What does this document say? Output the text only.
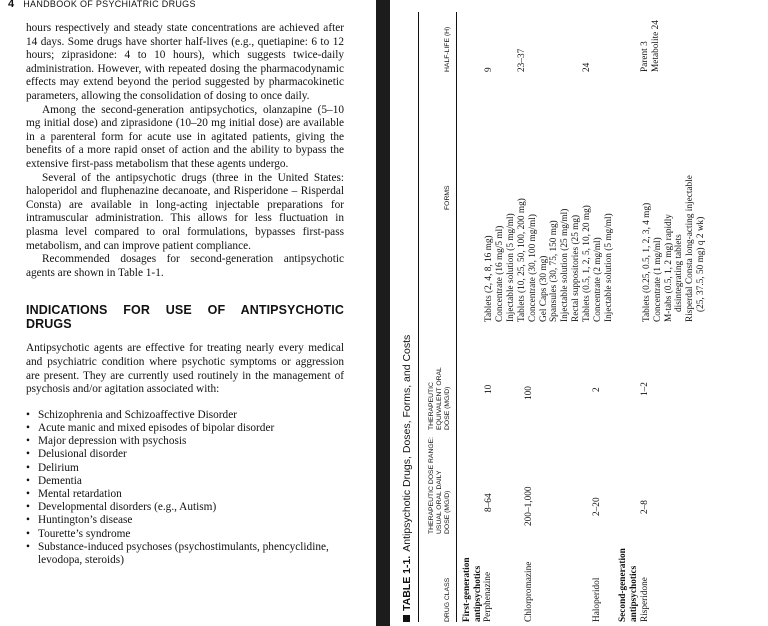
4 HANDBOOK OF PSYCHIATRIC DRUGS

hours respectively and steady state concentrations are achieved after 14 days. Some drugs have shorter half-lives (e.g., quetiapine: 6 to 12 hours; ziprasidone: 4 to 10 hours), which suggests twice-daily administration. However, with repeated dosing the pharmacodynamic effects may extend beyond the period suggested by pharmacokinetic parameters, allowing the consolidation of dosing to once daily.

Among the second-generation antipsychotics, olanzapine (5–10 mg initial dose) and ziprasidone (10–20 mg initial dose) are available in a parenteral form for acute use in agitated patients, giving the benefits of a more rapid onset of action and the ability to bypass the extensive first-pass metabolism that these agents undergo.

Several of the antipsychotic drugs (three in the United States: haloperidol and fluphenazine decanoate, and Risperidone – Risperdal Consta) are available in long-acting injectable preparations for intramuscular administration. This allows for less fluctuation in plasma level compared to oral formulations, bypasses first-pass metabolism, and can improve patient compliance.

Recommended dosages for second-generation antipsychotic agents are shown in Table 1-1.

INDICATIONS FOR USE OF ANTIPSYCHOTIC DRUGS

Antipsychotic agents are effective for treating nearly every medical and psychiatric condition where psychotic symptoms or aggression are present. They are currently used routinely in the management of psychosis and/or agitation associated with:

• Schizophrenia and Schizoaffective Disorder
• Acute manic and mixed episodes of bipolar disorder
• Major depression with psychosis
• Delusional disorder
• Delirium
• Dementia
• Mental retardation
• Developmental disorders (e.g., Autism)
• Huntington’s disease
• Tourette’s syndrome
• Substance-induced psychoses (psychostimulants, phencyclidine, levodopa, steroids)	TABLE 1-1.Antipsychotic Drugs, Doses, Forms, and Costs
DRUG CLASS
THERAPEUTIC DOSE RANGE: USUAL ORAL DAILY DOSE (MG/D)
THERAPEUTIC EQUIVALENT ORAL DOSE (MG/D)
FORMS
HALF-LIFE (H)
First-generation antipsychotics Perphenazine
8–64
10
Tablets (2, 4, 8, 16 mg) Concentrate (16 mg/5 ml) Injectable solution (5 mg/ml)
9
Chlorpromazine
200–1,000
100
Tablets (10, 25, 50, 100, 200 mg) Concentrate (30, 100 mg/ml) Gel Caps (30 mg) Spansules (30, 75, 150 mg) Injectable solution (25 mg/ml) Rectal suppositories (25 mg)
23–37
Haloperidol
2–20
2
Tablets (0.5, 1, 2, 5, 10, 20 mg) Concentrate (2 mg/ml) Injectable solution (5 mg/ml)
24
Second-generation antipsychotics Risperidone
2–8
1–2
Tablets (0.25, 0.5, 1, 2, 3, 4 mg) Concentrate (1 mg/ml) M-tabs (0.5, 1, 2 mg) rapidly disintegrating tablets Risperdal Consta long-acting injectable (25, 37.5, 50 mg) q 2 wk)
Parent 3 Metabolite 24
